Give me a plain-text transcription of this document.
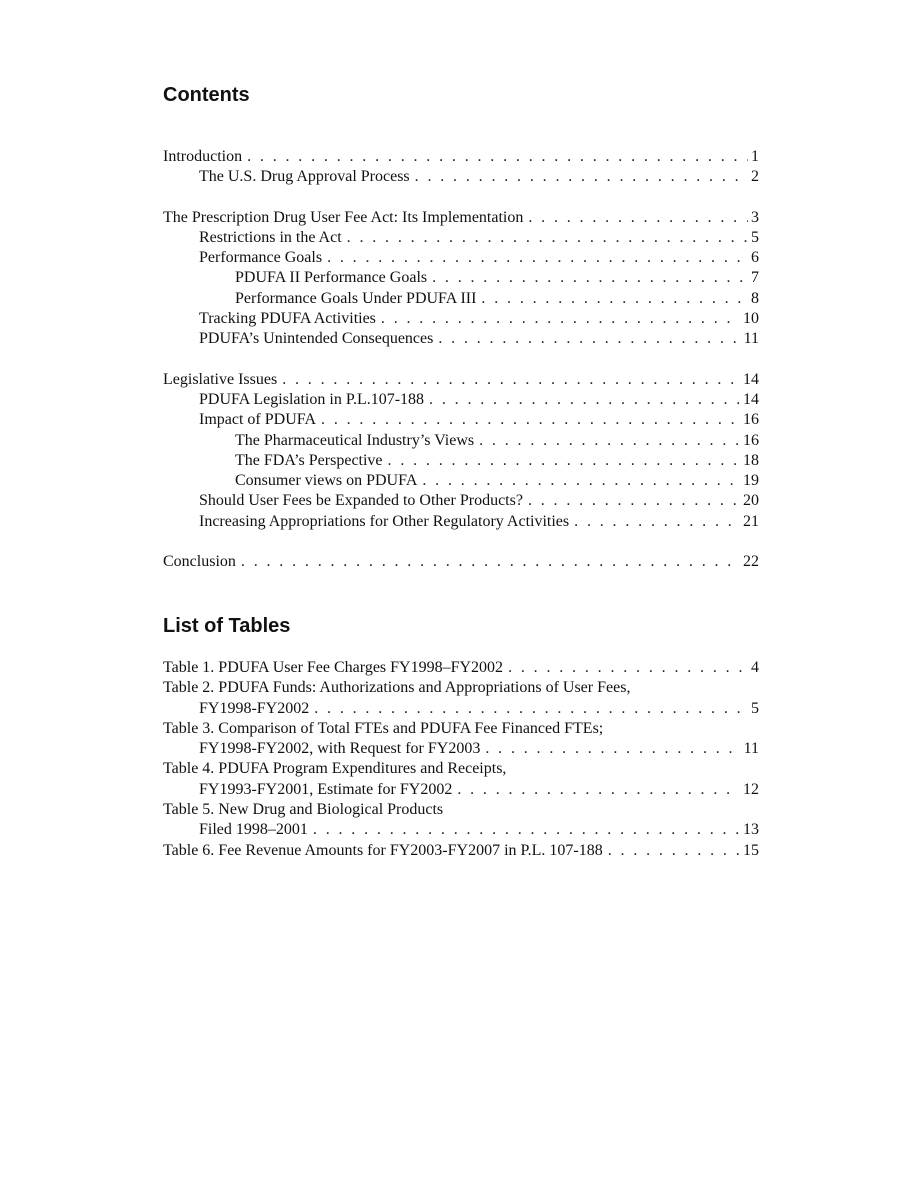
Contents
Introduction . . .	1
The U.S. Drug Approval Process . . .	2
The Prescription Drug User Fee Act: Its Implementation . . .	3
Restrictions in the Act . . .	5
Performance Goals . . .	6
PDUFA II Performance Goals . . .	7
Performance Goals Under PDUFA III . . .	8
Tracking PDUFA Activities . . .	10
PDUFA’s Unintended Consequences . . .	11
Legislative Issues . . .	14
PDUFA Legislation in P.L.107-188 . . .	14
Impact of PDUFA . . .	16
The Pharmaceutical Industry’s Views . . .	16
The FDA’s Perspective . . .	18
Consumer views on PDUFA . . .	19
Should User Fees be Expanded to Other Products? . . .	20
Increasing Appropriations for Other Regulatory Activities . . .	21
Conclusion . . .	22
List of Tables
Table 1. PDUFA User Fee Charges FY1998–FY2002 . . .	4
Table 2. PDUFA Funds: Authorizations and Appropriations of User Fees,
FY1998-FY2002 . . .	5
Table 3. Comparison of Total FTEs and PDUFA Fee Financed FTEs;
FY1998-FY2002, with Request for FY2003 . . .	11
Table 4. PDUFA Program Expenditures and Receipts,
FY1993-FY2001, Estimate for FY2002 . . .	12
Table 5. New Drug and Biological Products
Filed 1998–2001 . . .	13
Table 6. Fee Revenue Amounts for FY2003-FY2007 in P.L. 107-188 . . .	15
